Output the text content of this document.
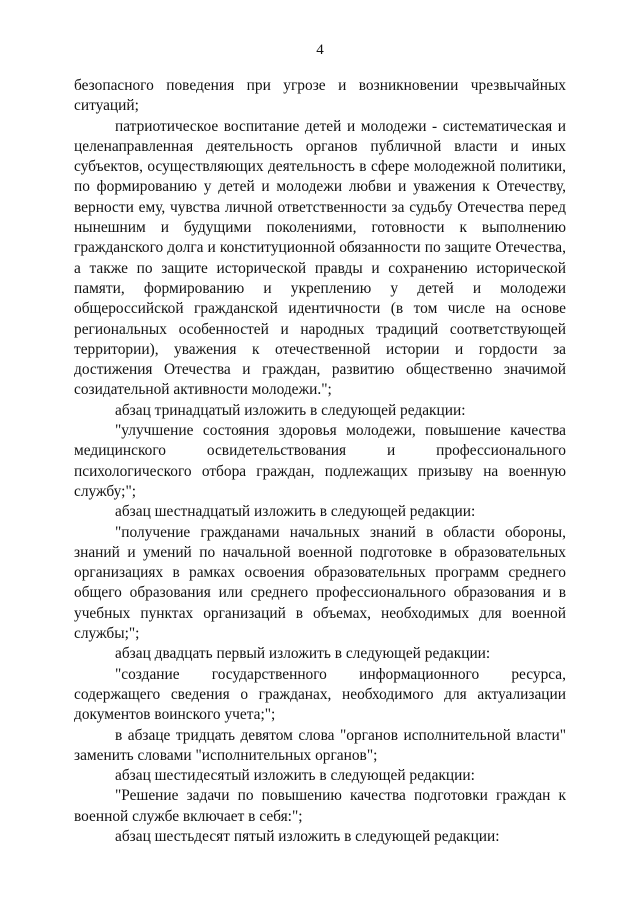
4

безопасного поведения при угрозе и возникновении чрезвычайных ситуаций;

патриотическое воспитание детей и молодежи - систематическая и целенаправленная деятельность органов публичной власти и иных субъектов, осуществляющих деятельность в сфере молодежной политики, по формированию у детей и молодежи любви и уважения к Отечеству, верности ему, чувства личной ответственности за судьбу Отечества перед нынешним и будущими поколениями, готовности к выполнению гражданского долга и конституционной обязанности по защите Отечества, а также по защите исторической правды и сохранению исторической памяти, формированию и укреплению у детей и молодежи общероссийской гражданской идентичности (в том числе на основе региональных особенностей и народных традиций соответствующей территории), уважения к отечественной истории и гордости за достижения Отечества и граждан, развитию общественно значимой созидательной активности молодежи.";

абзац тринадцатый изложить в следующей редакции:

"улучшение состояния здоровья молодежи, повышение качества медицинского освидетельствования и профессионального психологического отбора граждан, подлежащих призыву на военную службу;";

абзац шестнадцатый изложить в следующей редакции:

"получение гражданами начальных знаний в области обороны, знаний и умений по начальной военной подготовке в образовательных организациях в рамках освоения образовательных программ среднего общего образования или среднего профессионального образования и в учебных пунктах организаций в объемах, необходимых для военной службы;";

абзац двадцать первый изложить в следующей редакции:

"создание государственного информационного ресурса, содержащего сведения о гражданах, необходимого для актуализации документов воинского учета;";

в абзаце тридцать девятом слова "органов исполнительной власти" заменить словами "исполнительных органов";

абзац шестидесятый изложить в следующей редакции:

"Решение задачи по повышению качества подготовки граждан к военной службе включает в себя:";

абзац шестьдесят пятый изложить в следующей редакции:
